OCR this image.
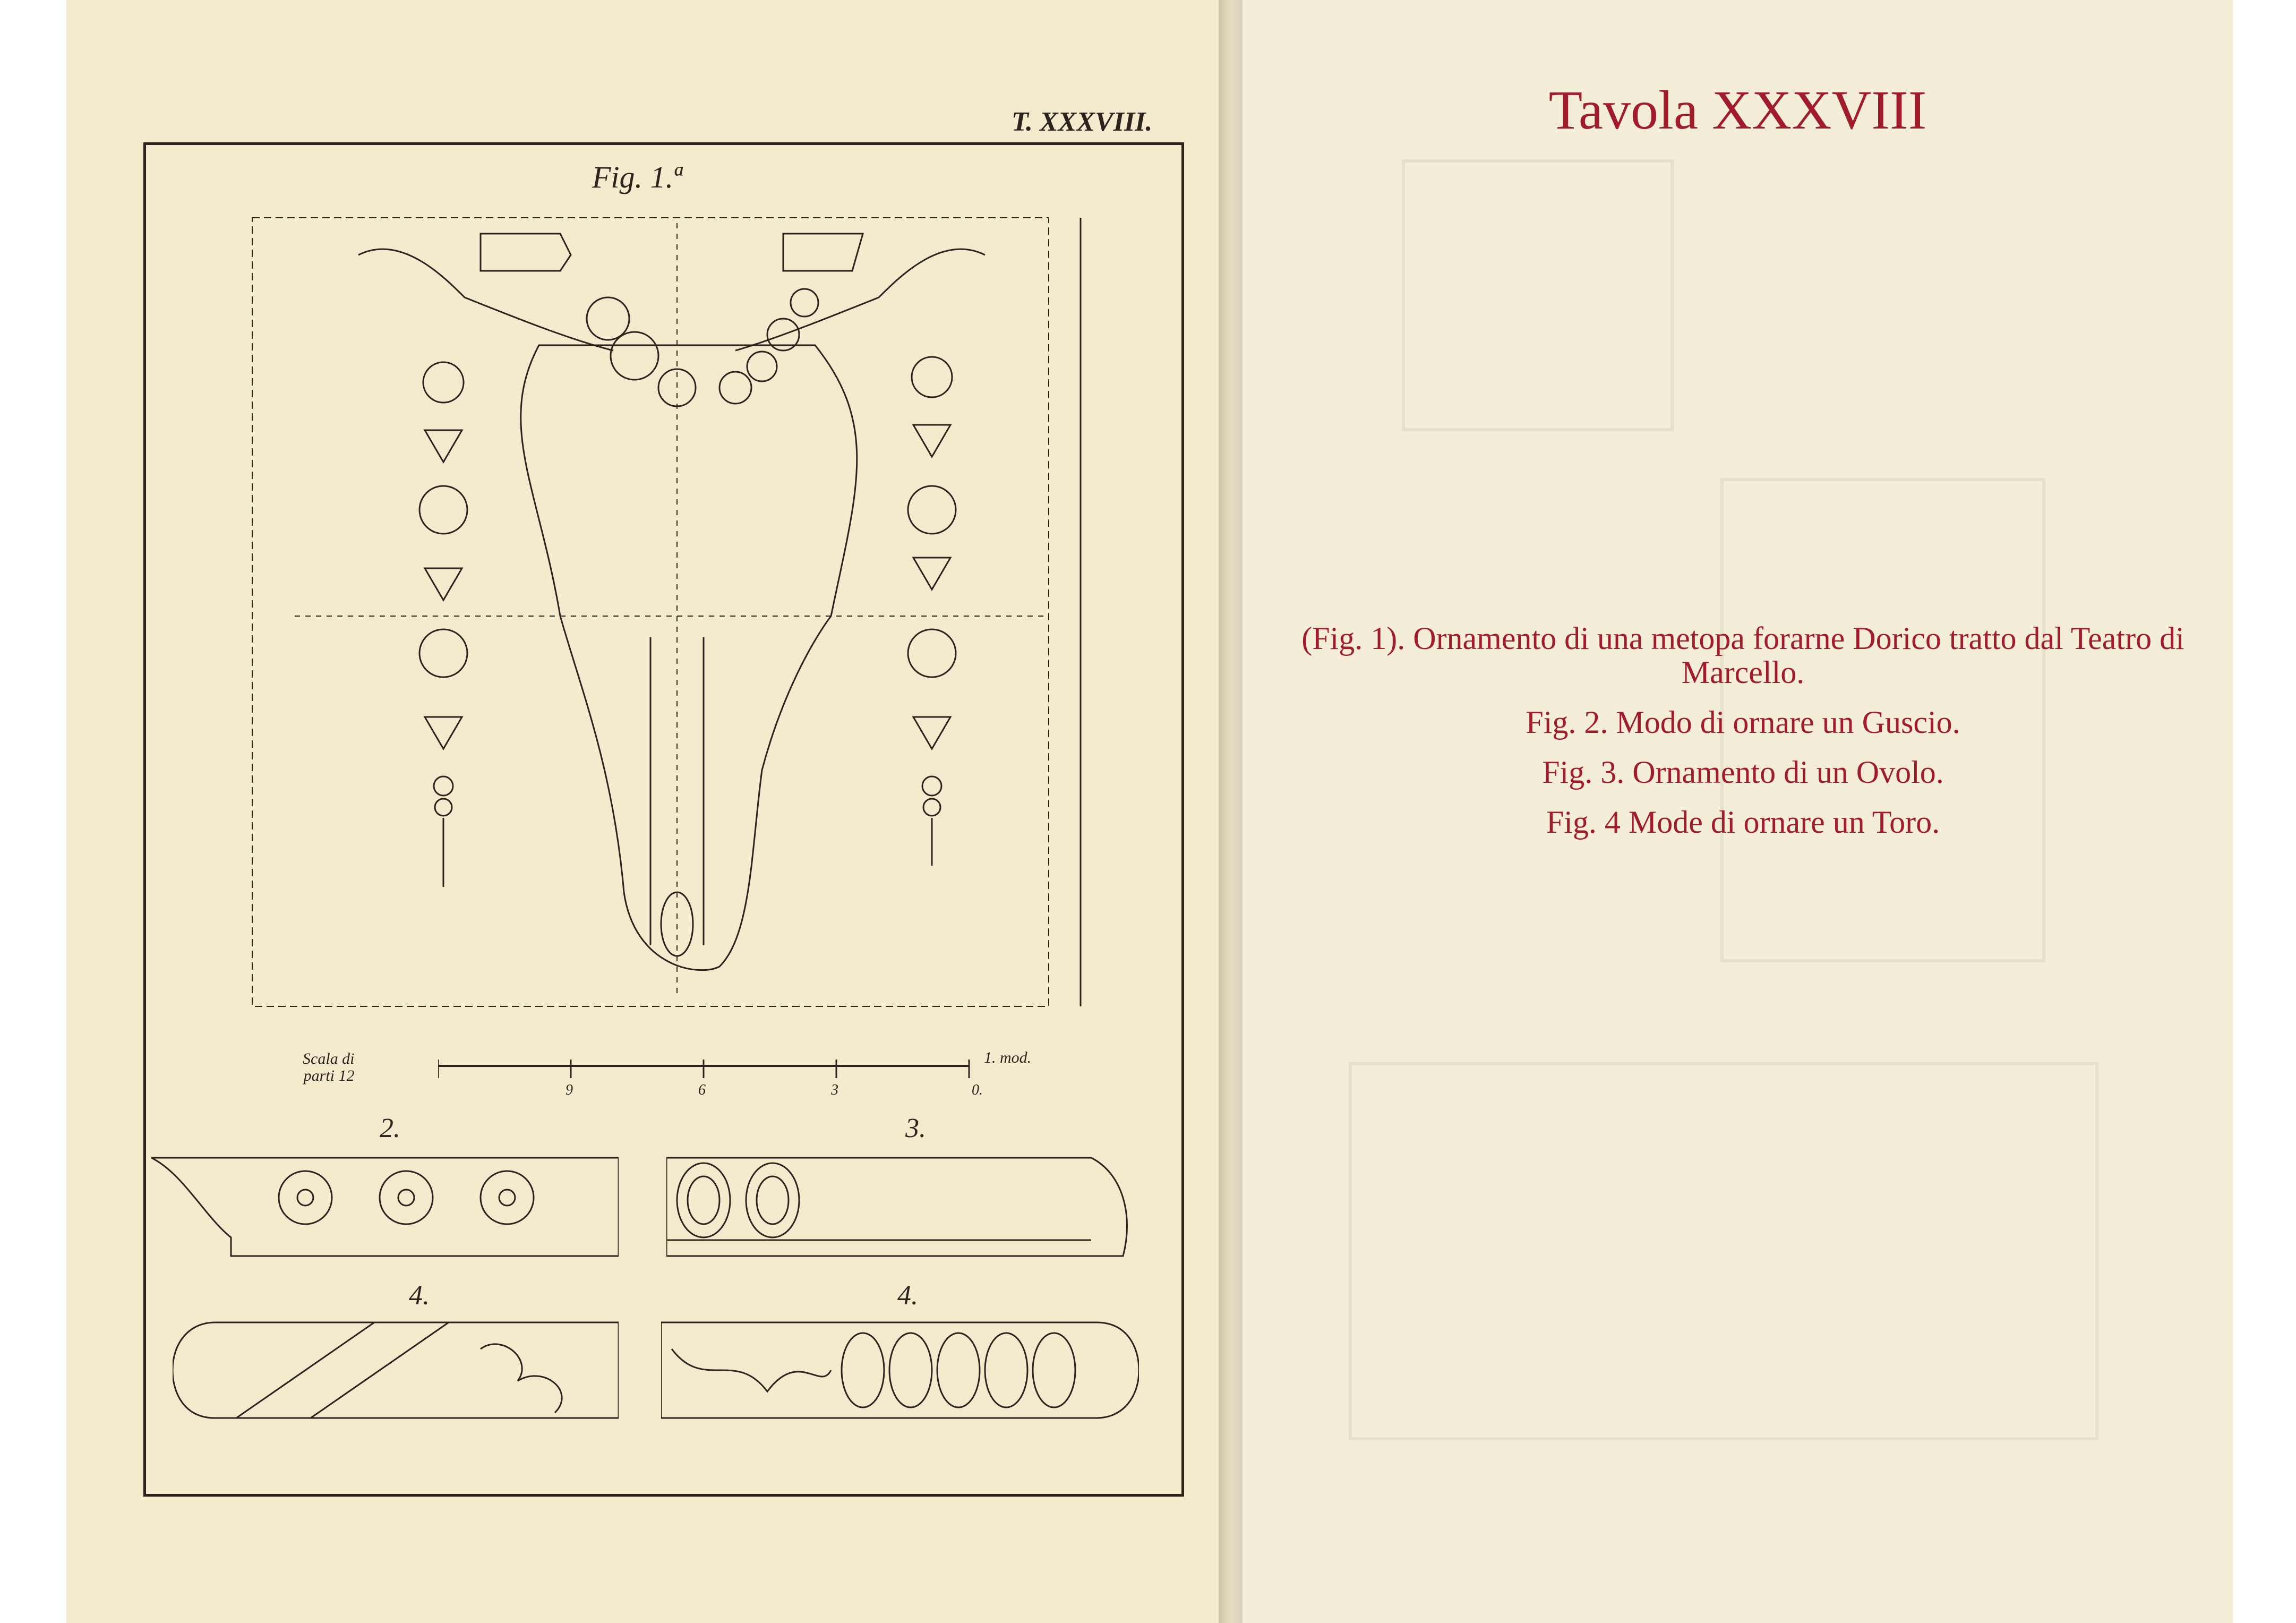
T. XXXVIII.
Fig. 1.ª
Scala di
parti 12
9	6	3	0.
1. mod.
2.	3.
4.	4.
Tavola XXXVIII
(Fig. 1). Ornamento di una metopa forarne Dorico tratto dal Teatro di Marcello.
Fig. 2. Modo di ornare un Guscio.
Fig. 3. Ornamento di un Ovolo.
Fig. 4 Mode di ornare un Toro.
